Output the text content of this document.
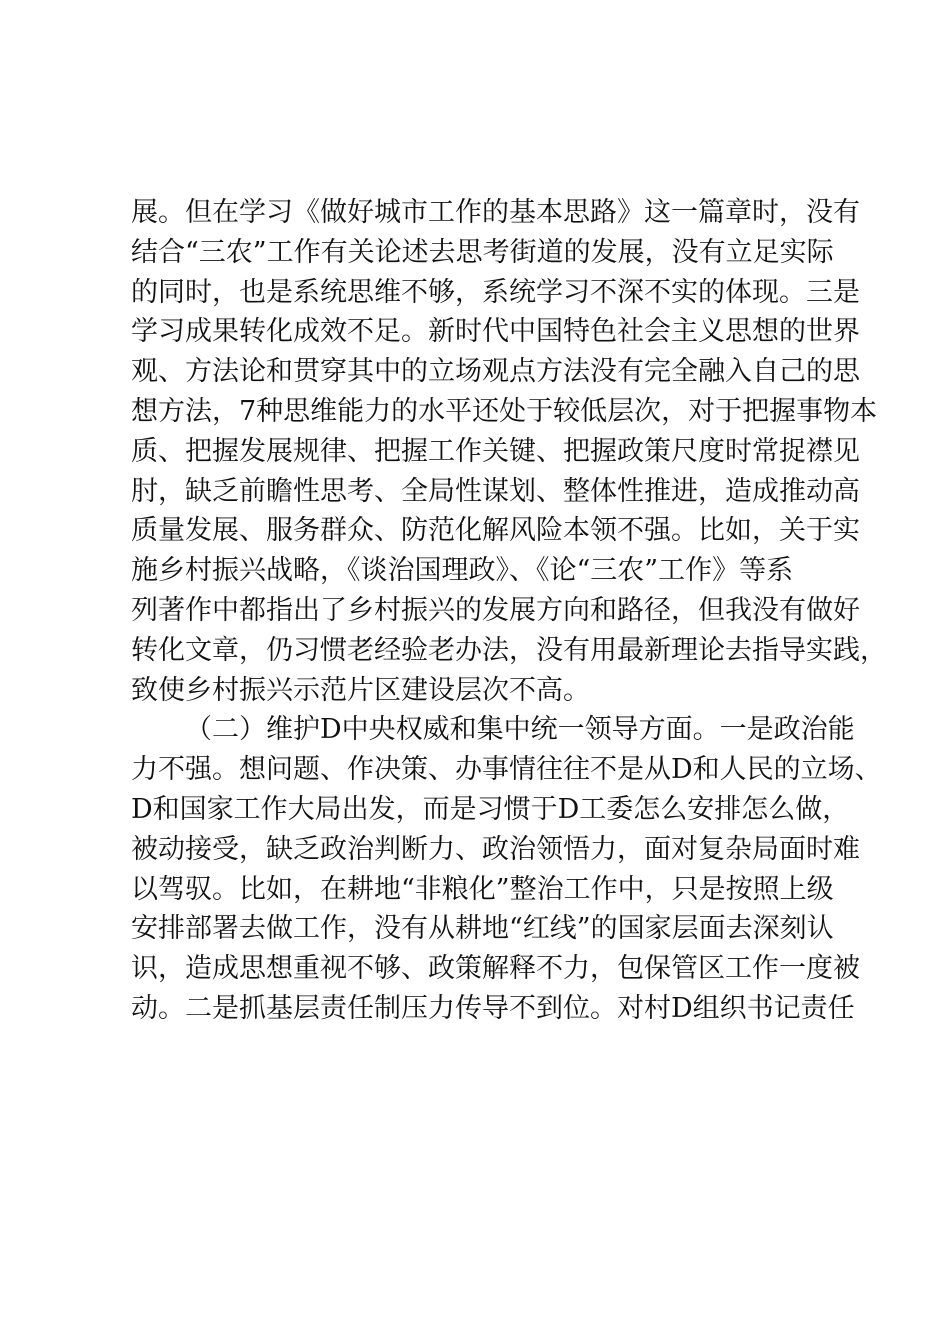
展。但在学习《做好城市工作的基本思路》这一篇章时，没有
结合“三农”工作有关论述去思考街道的发展，没有立足实际
的同时，也是系统思维不够，系统学习不深不实的体现。三是
学习成果转化成效不足。新时代中国特色社会主义思想的世界
观、方法论和贯穿其中的立场观点方法没有完全融入自己的思
想方法，7种思维能力的水平还处于较低层次，对于把握事物本
质、把握发展规律、把握工作关键、把握政策尺度时常捉襟见
肘，缺乏前瞻性思考、全局性谋划、整体性推进，造成推动高
质量发展、服务群众、防范化解风险本领不强。比如，关于实
施乡村振兴战略，《谈治国理政》、《论“三农”工作》等系
列著作中都指出了乡村振兴的发展方向和路径，但我没有做好
转化文章，仍习惯老经验老办法，没有用最新理论去指导实践，
致使乡村振兴示范片区建设层次不高。
（二）维护D中央权威和集中统一领导方面。一是政治能
力不强。想问题、作决策、办事情往往不是从D和人民的立场、
D和国家工作大局出发，而是习惯于D工委怎么安排怎么做，
被动接受，缺乏政治判断力、政治领悟力，面对复杂局面时难
以驾驭。比如，在耕地“非粮化”整治工作中，只是按照上级
安排部署去做工作，没有从耕地“红线”的国家层面去深刻认
识，造成思想重视不够、政策解释不力，包保管区工作一度被
动。二是抓基层责任制压力传导不到位。对村D组织书记责任
